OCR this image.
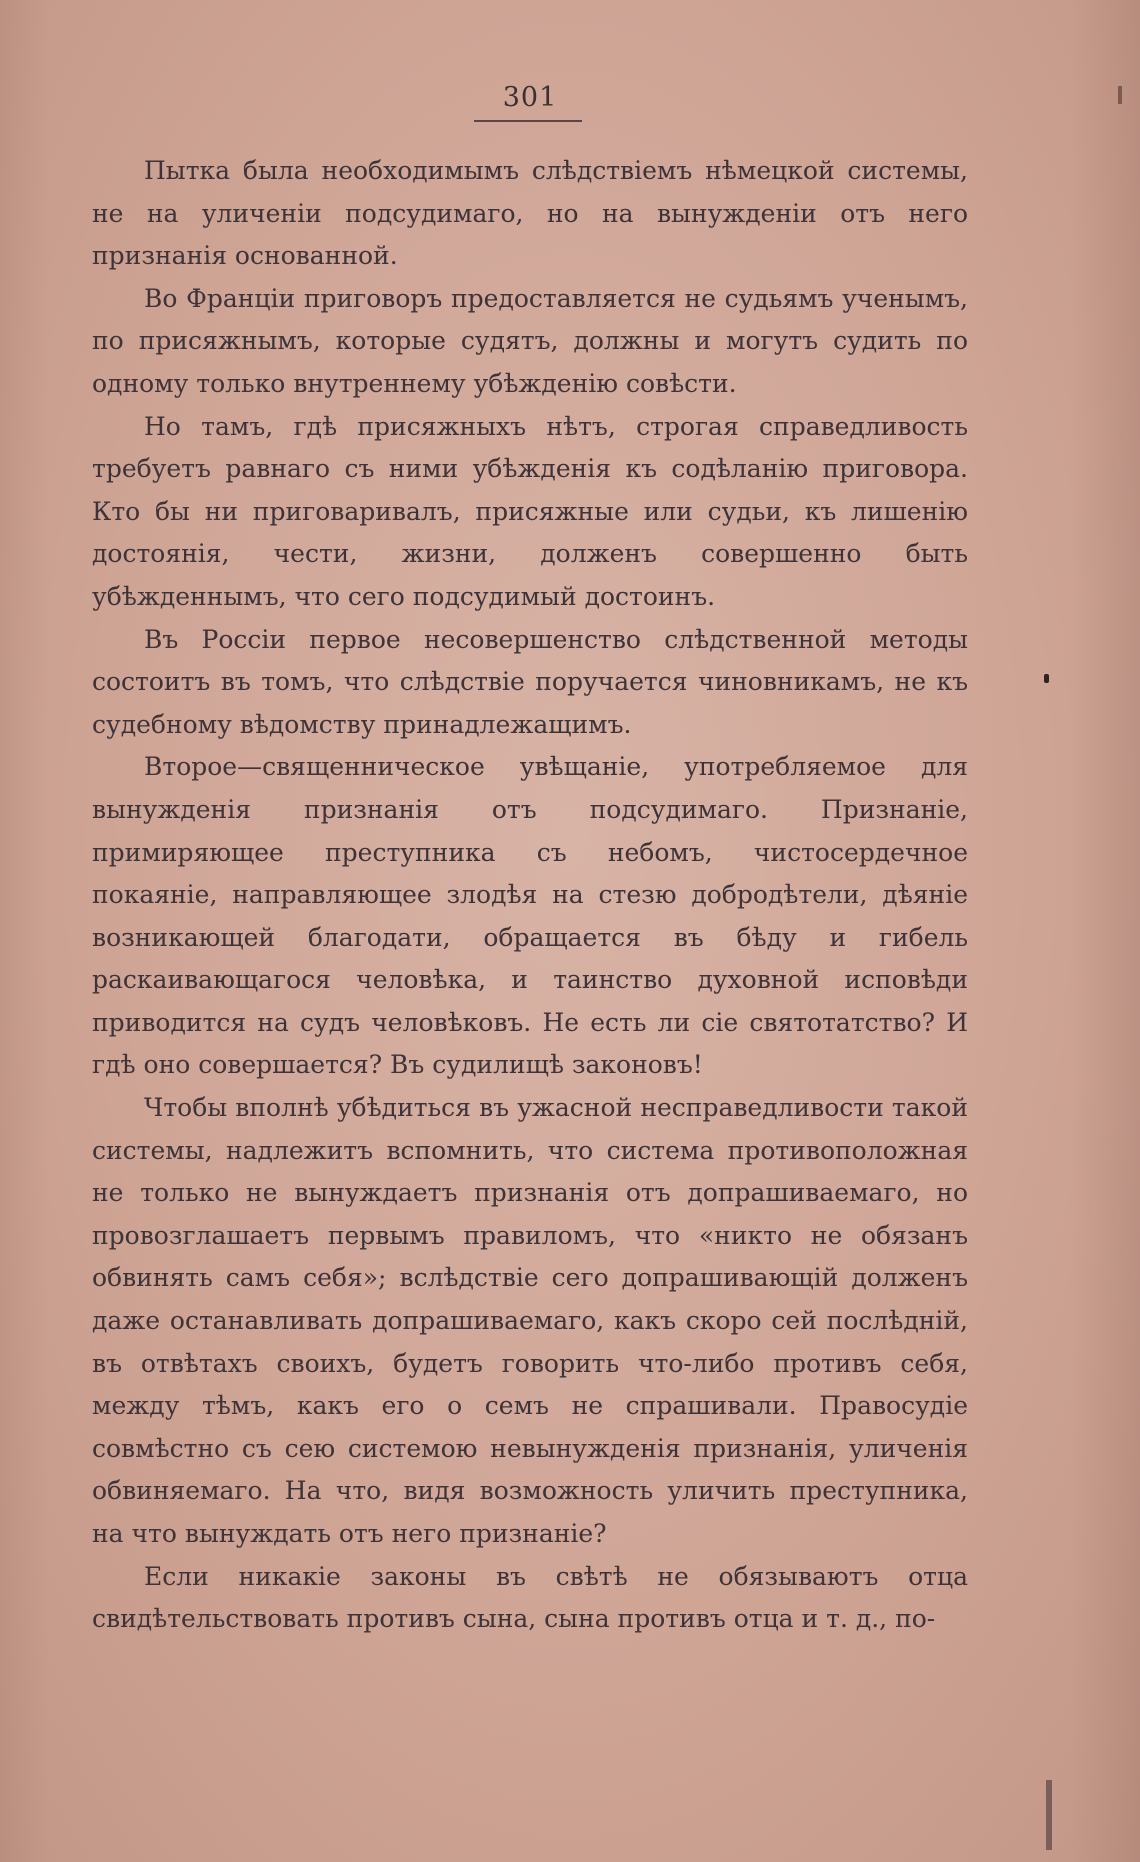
301

Пытка была необходимымъ слѣдствіемъ нѣмецкой системы, не на уличеніи подсудимаго, но на вынужденіи отъ него признанія основанной.

Во Франціи приговоръ предоставляется не судьямъ ученымъ, по присяжнымъ, которые судятъ, должны и могутъ судить по одному только внутреннему убѣжденію совѣсти.

Но тамъ, гдѣ присяжныхъ нѣтъ, строгая справедливость требуетъ равнаго съ ними убѣжденія къ содѣланію приговора. Кто бы ни приговаривалъ, присяжные или судьи, къ лишенію достоянія, чести, жизни, долженъ совершенно быть убѣжденнымъ, что сего подсудимый достоинъ.

Въ Россіи первое несовершенство слѣдственной методы состоитъ въ томъ, что слѣдствіе поручается чиновникамъ, не къ судебному вѣдомству принадлежащимъ.

Второе—священническое увѣщаніе, употребляемое для вынужденія признанія отъ подсудимаго. Признаніе, примиряющее преступника съ небомъ, чистосердечное покаяніе, направляющее злодѣя на стезю добродѣтели, дѣяніе возникающей благодати, обращается въ бѣду и гибель раскаивающагося человѣка, и таинство духовной исповѣди приводится на судъ человѣковъ. Не есть ли сіе святотатство? И гдѣ оно совершается? Въ судилищѣ законовъ!

Чтобы вполнѣ убѣдиться въ ужасной несправедливости такой системы, надлежитъ вспомнить, что система противоположная не только не вынуждаетъ признанія отъ допрашиваемаго, но провозглашаетъ первымъ правиломъ, что «никто не обязанъ обвинять самъ себя»; вслѣдствіе сего допрашивающій долженъ даже останавливать допрашиваемаго, какъ скоро сей послѣдній, въ отвѣтахъ своихъ, будетъ говорить что-либо противъ себя, между тѣмъ, какъ его о семъ не спрашивали. Правосудіе совмѣстно съ сею системою невынужденія признанія, уличенія обвиняемаго. На что, видя возможность уличить преступника, на что вынуждать отъ него признаніе?

Если никакіе законы въ свѣтѣ не обязываютъ отца свидѣтельствовать противъ сына, сына противъ отца и т. д., по-
